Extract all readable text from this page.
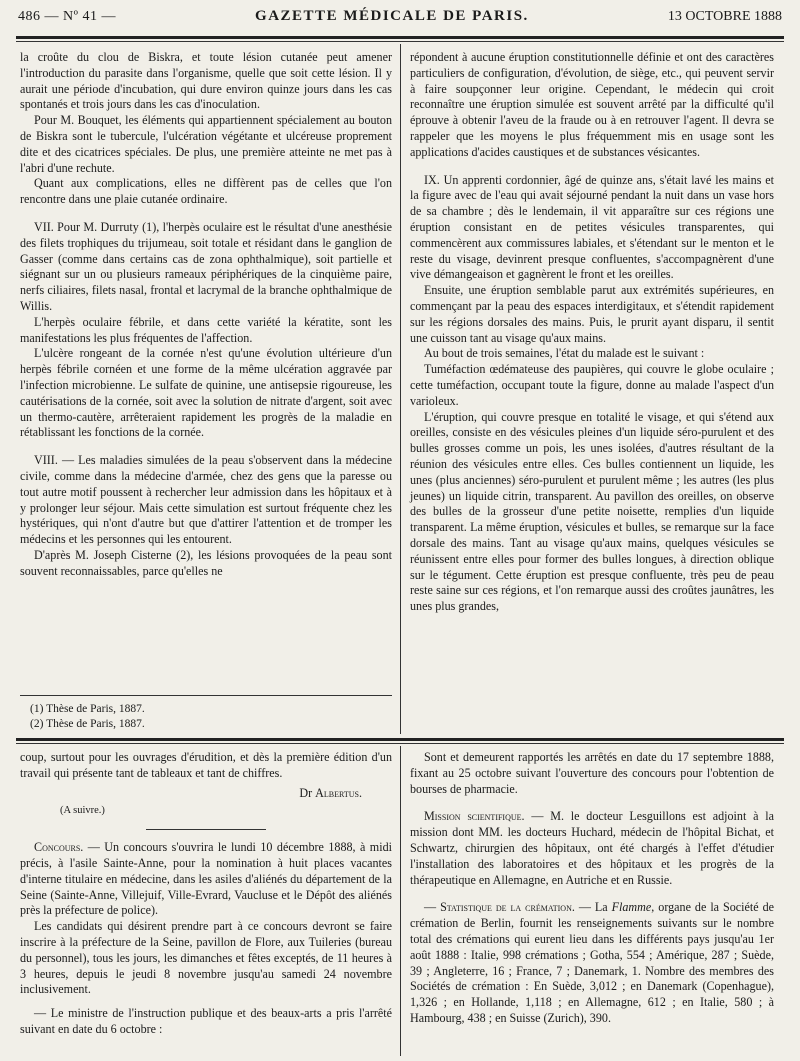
486 — Nº 41 —	GAZETTE MÉDICALE DE PARIS.	13 OCTOBRE 1888

la croûte du clou de Biskra, et toute lésion cutanée peut amener l'introduction du parasite dans l'organisme, quelle que soit cette lésion. Il y aurait une période d'incubation, qui dure environ quinze jours dans les cas spontanés et trois jours dans les cas d'inoculation.

Pour M. Bouquet, les éléments qui appartiennent spécialement au bouton de Biskra sont le tubercule, l'ulcération végétante et ulcéreuse proprement dite et des cicatrices spéciales. De plus, une première atteinte ne met pas à l'abri d'une rechute.

Quant aux complications, elles ne diffèrent pas de celles que l'on rencontre dans une plaie cutanée ordinaire.

VII. Pour M. Durruty (1), l'herpès oculaire est le résultat d'une anesthésie des filets trophiques du trijumeau, soit totale et résidant dans le ganglion de Gasser (comme dans certains cas de zona ophthalmique), soit partielle et siégnant sur un ou plusieurs rameaux périphériques de la cinquième paire, nerfs ciliaires, filets nasal, frontal et lacrymal de la branche ophthalmique de Willis.

L'herpès oculaire fébrile, et dans cette variété la kératite, sont les manifestations les plus fréquentes de l'affection.

L'ulcère rongeant de la cornée n'est qu'une évolution ultérieure d'un herpès fébrile cornéen et une forme de la même ulcération aggravée par l'infection microbienne. Le sulfate de quinine, une antisepsie rigoureuse, les cautérisations de la cornée, soit avec la solution de nitrate d'argent, soit avec un thermo-cautère, arrêteraient rapidement les progrès de la maladie en rétablissant les fonctions de la cornée.

VIII. — Les maladies simulées de la peau s'observent dans la médecine civile, comme dans la médecine d'armée, chez des gens que la paresse ou tout autre motif poussent à rechercher leur admission dans les hôpitaux et à y prolonger leur séjour. Mais cette simulation est surtout fréquente chez les hystériques, qui n'ont d'autre but que d'attirer l'attention et de tromper les médecins et les personnes qui les entourent.

D'après M. Joseph Cisterne (2), les lésions provoquées de la peau sont souvent reconnaissables, parce qu'elles ne

(1) Thèse de Paris, 1887.
(2) Thèse de Paris, 1887.

répondent à aucune éruption constitutionnelle définie et ont des caractères particuliers de configuration, d'évolution, de siège, etc., qui peuvent servir à faire soupçonner leur origine. Cependant, le médecin qui croit reconnaître une éruption simulée est souvent arrêté par la difficulté qu'il éprouve à obtenir l'aveu de la fraude ou à en retrouver l'agent. Il devra se rappeler que les moyens le plus fréquemment mis en usage sont les applications d'acides caustiques et de substances vésicantes.

IX. Un apprenti cordonnier, âgé de quinze ans, s'était lavé les mains et la figure avec de l'eau qui avait séjourné pendant la nuit dans un vase hors de sa chambre ; dès le lendemain, il vit apparaître sur ces régions une éruption consistant en de petites vésicules transparentes, qui commencèrent aux commissures labiales, et s'étendant sur le menton et le reste du visage, devinrent presque confluentes, s'accompagnèrent d'une vive démangeaison et gagnèrent le front et les oreilles.

Ensuite, une éruption semblable parut aux extrémités supérieures, en commençant par la peau des espaces interdigitaux, et s'étendit rapidement sur les régions dorsales des mains. Puis, le prurit ayant disparu, il sentit une cuisson tant au visage qu'aux mains.

Au bout de trois semaines, l'état du malade est le suivant :

Tuméfaction œdémateuse des paupières, qui couvre le globe oculaire ; cette tuméfaction, occupant toute la figure, donne au malade l'aspect d'un varioleux.

L'éruption, qui couvre presque en totalité le visage, et qui s'étend aux oreilles, consiste en des vésicules pleines d'un liquide séro-purulent et des bulles grosses comme un pois, les unes isolées, d'autres résultant de la réunion des vésicules entre elles. Ces bulles contiennent un liquide, les unes (plus anciennes) séro-purulent et purulent même ; les autres (les plus jeunes) un liquide citrin, transparent. Au pavillon des oreilles, on observe des bulles de la grosseur d'une petite noisette, remplies d'un liquide transparent. La même éruption, vésicules et bulles, se remarque sur la face dorsale des mains. Tant au visage qu'aux mains, quelques vésicules se réunissent entre elles pour former des bulles longues, à direction oblique sur le tégument. Cette éruption est presque confluente, très peu de peau reste saine sur ces régions, et l'on remarque aussi des croûtes jaunâtres, les unes plus grandes,

coup, surtout pour les ouvrages d'érudition, et dès la première édition d'un travail qui présente tant de tableaux et tant de chiffres.

Dr Albertus.
(A suivre.)

Concours. — Un concours s'ouvrira le lundi 10 décembre 1888, à midi précis, à l'asile Sainte-Anne, pour la nomination à huit places vacantes d'interne titulaire en médecine, dans les asiles d'aliénés du département de la Seine (Sainte-Anne, Villejuif, Ville-Evrard, Vaucluse et le Dépôt des aliénés près la préfecture de police).

Les candidats qui désirent prendre part à ce concours devront se faire inscrire à la préfecture de la Seine, pavillon de Flore, aux Tuileries (bureau du personnel), tous les jours, les dimanches et fêtes exceptés, de 11 heures à 3 heures, depuis le jeudi 8 novembre jusqu'au samedi 24 novembre inclusivement.

— Le ministre de l'instruction publique et des beaux-arts a pris l'arrêté suivant en date du 6 octobre :

Sont et demeurent rapportés les arrêtés en date du 17 septembre 1888, fixant au 25 octobre suivant l'ouverture des concours pour l'obtention de bourses de pharmacie.

Mission scientifique. — M. le docteur Lesguillons est adjoint à la mission dont MM. les docteurs Huchard, médecin de l'hôpital Bichat, et Schwartz, chirurgien des hôpitaux, ont été chargés à l'effet d'étudier l'installation des laboratoires et des hôpitaux et les progrès de la thérapeutique en Allemagne, en Autriche et en Russie.

— Statistique de la crémation. — La Flamme, organe de la Société de crémation de Berlin, fournit les renseignements suivants sur le nombre total des crémations qui eurent lieu dans les différents pays jusqu'au 1er août 1888 : Italie, 998 crémations ; Gotha, 554 ; Amérique, 287 ; Suède, 39 ; Angleterre, 16 ; France, 7 ; Danemark, 1. Nombre des membres des Sociétés de crémation : En Suède, 3,012 ; en Danemark (Copenhague), 1,326 ; en Hollande, 1,118 ; en Allemagne, 612 ; en Italie, 580 ; à Hambourg, 438 ; en Suisse (Zurich), 390.
